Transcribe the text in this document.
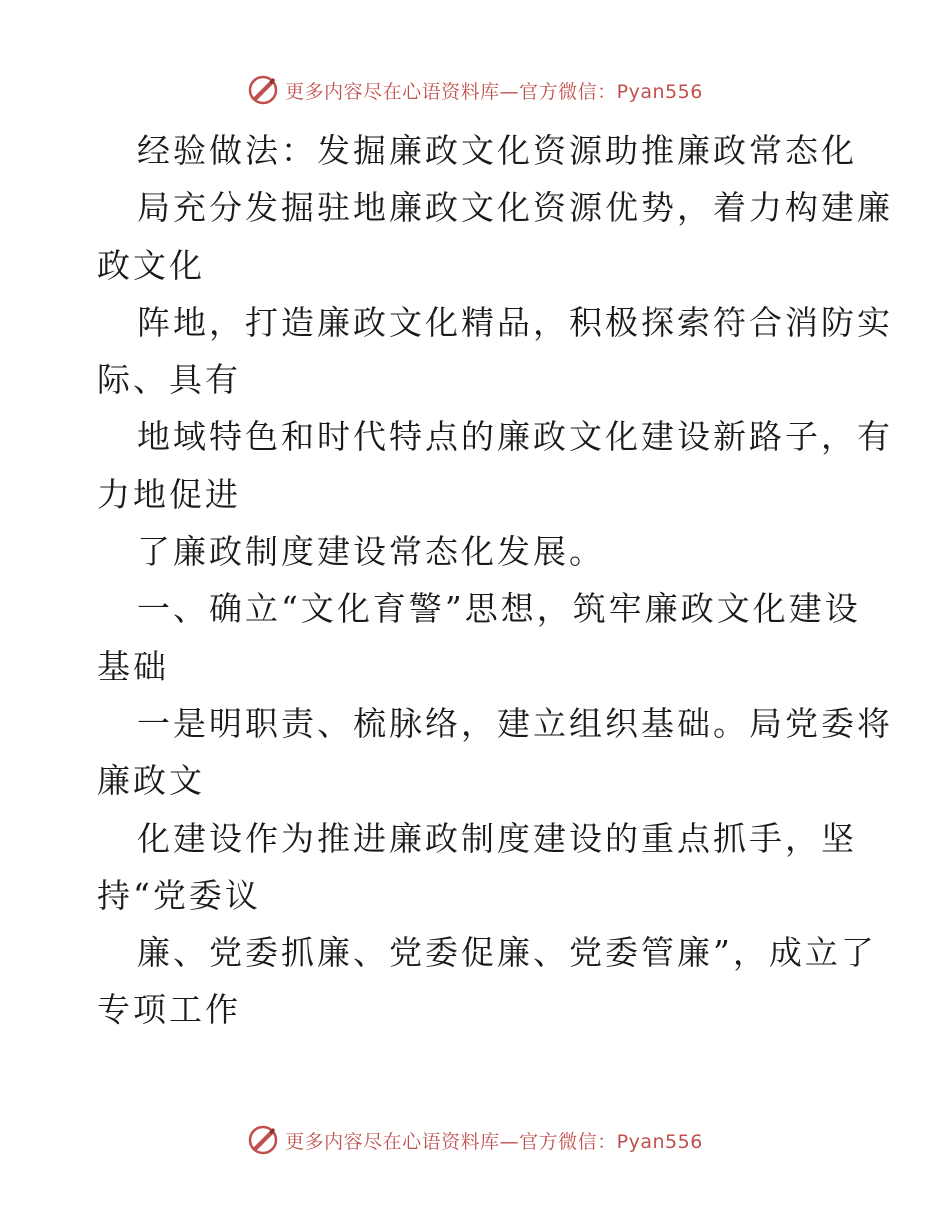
更多内容尽在心语资料库—官方微信：Pyan556
经验做法：发掘廉政文化资源助推廉政常态化
局充分发掘驻地廉政文化资源优势，着力构建廉
政文化
阵地，打造廉政文化精品，积极探索符合消防实
际、具有
地域特色和时代特点的廉政文化建设新路子，有
力地促进
了廉政制度建设常态化发展。
一、确立“文化育警”思想，筑牢廉政文化建设
基础
一是明职责、梳脉络，建立组织基础。局党委将
廉政文
化建设作为推进廉政制度建设的重点抓手，坚
持“党委议
廉、党委抓廉、党委促廉、党委管廉”，成立了
专项工作
更多内容尽在心语资料库—官方微信：Pyan556
